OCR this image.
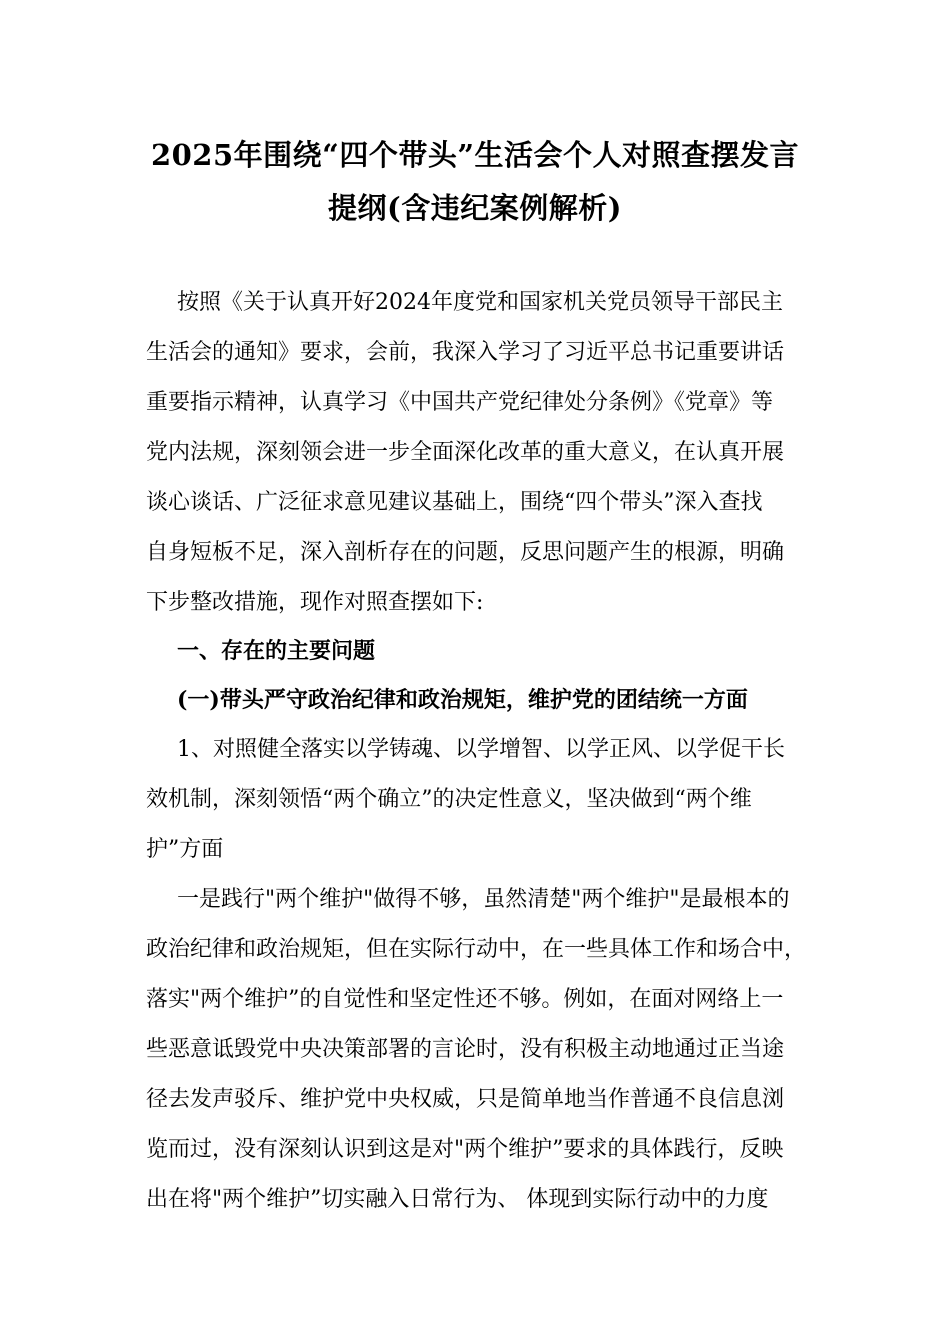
2025年围绕“四个带头”生活会个人对照查摆发言
提纲(含违纪案例解析)

按照《关于认真开好2024年度党和国家机关党员领导干部民主

生活会的通知》要求，会前，我深入学习了习近平总书记重要讲话

重要指示精神，认真学习《中国共产党纪律处分条例》《党章》等

党内法规，深刻领会进一步全面深化改革的重大意义，在认真开展

谈心谈话、广泛征求意见建议基础上，围绕“四个带头”深入查找

自身短板不足，深入剖析存在的问题，反思问题产生的根源，明确

下步整改措施，现作对照查摆如下:

一、存在的主要问题

(一)带头严守政治纪律和政治规矩，维护党的团结统一方面

1、对照健全落实以学铸魂、以学增智、以学正风、以学促干长

效机制，深刻领悟“两个确立”的决定性意义，坚决做到“两个维

护”方面

一是践行"两个维护"做得不够，虽然清楚"两个维护"是最根本的

政治纪律和政治规矩，但在实际行动中，在一些具体工作和场合中，

落实"两个维护”的自觉性和坚定性还不够。例如，在面对网络上一

些恶意诋毁党中央决策部署的言论时，没有积极主动地通过正当途

径去发声驳斥、维护党中央权威，只是简单地当作普通不良信息浏

览而过，没有深刻认识到这是对"两个维护”要求的具体践行，反映

出在将"两个维护”切实融入日常行为、 体现到实际行动中的力度
